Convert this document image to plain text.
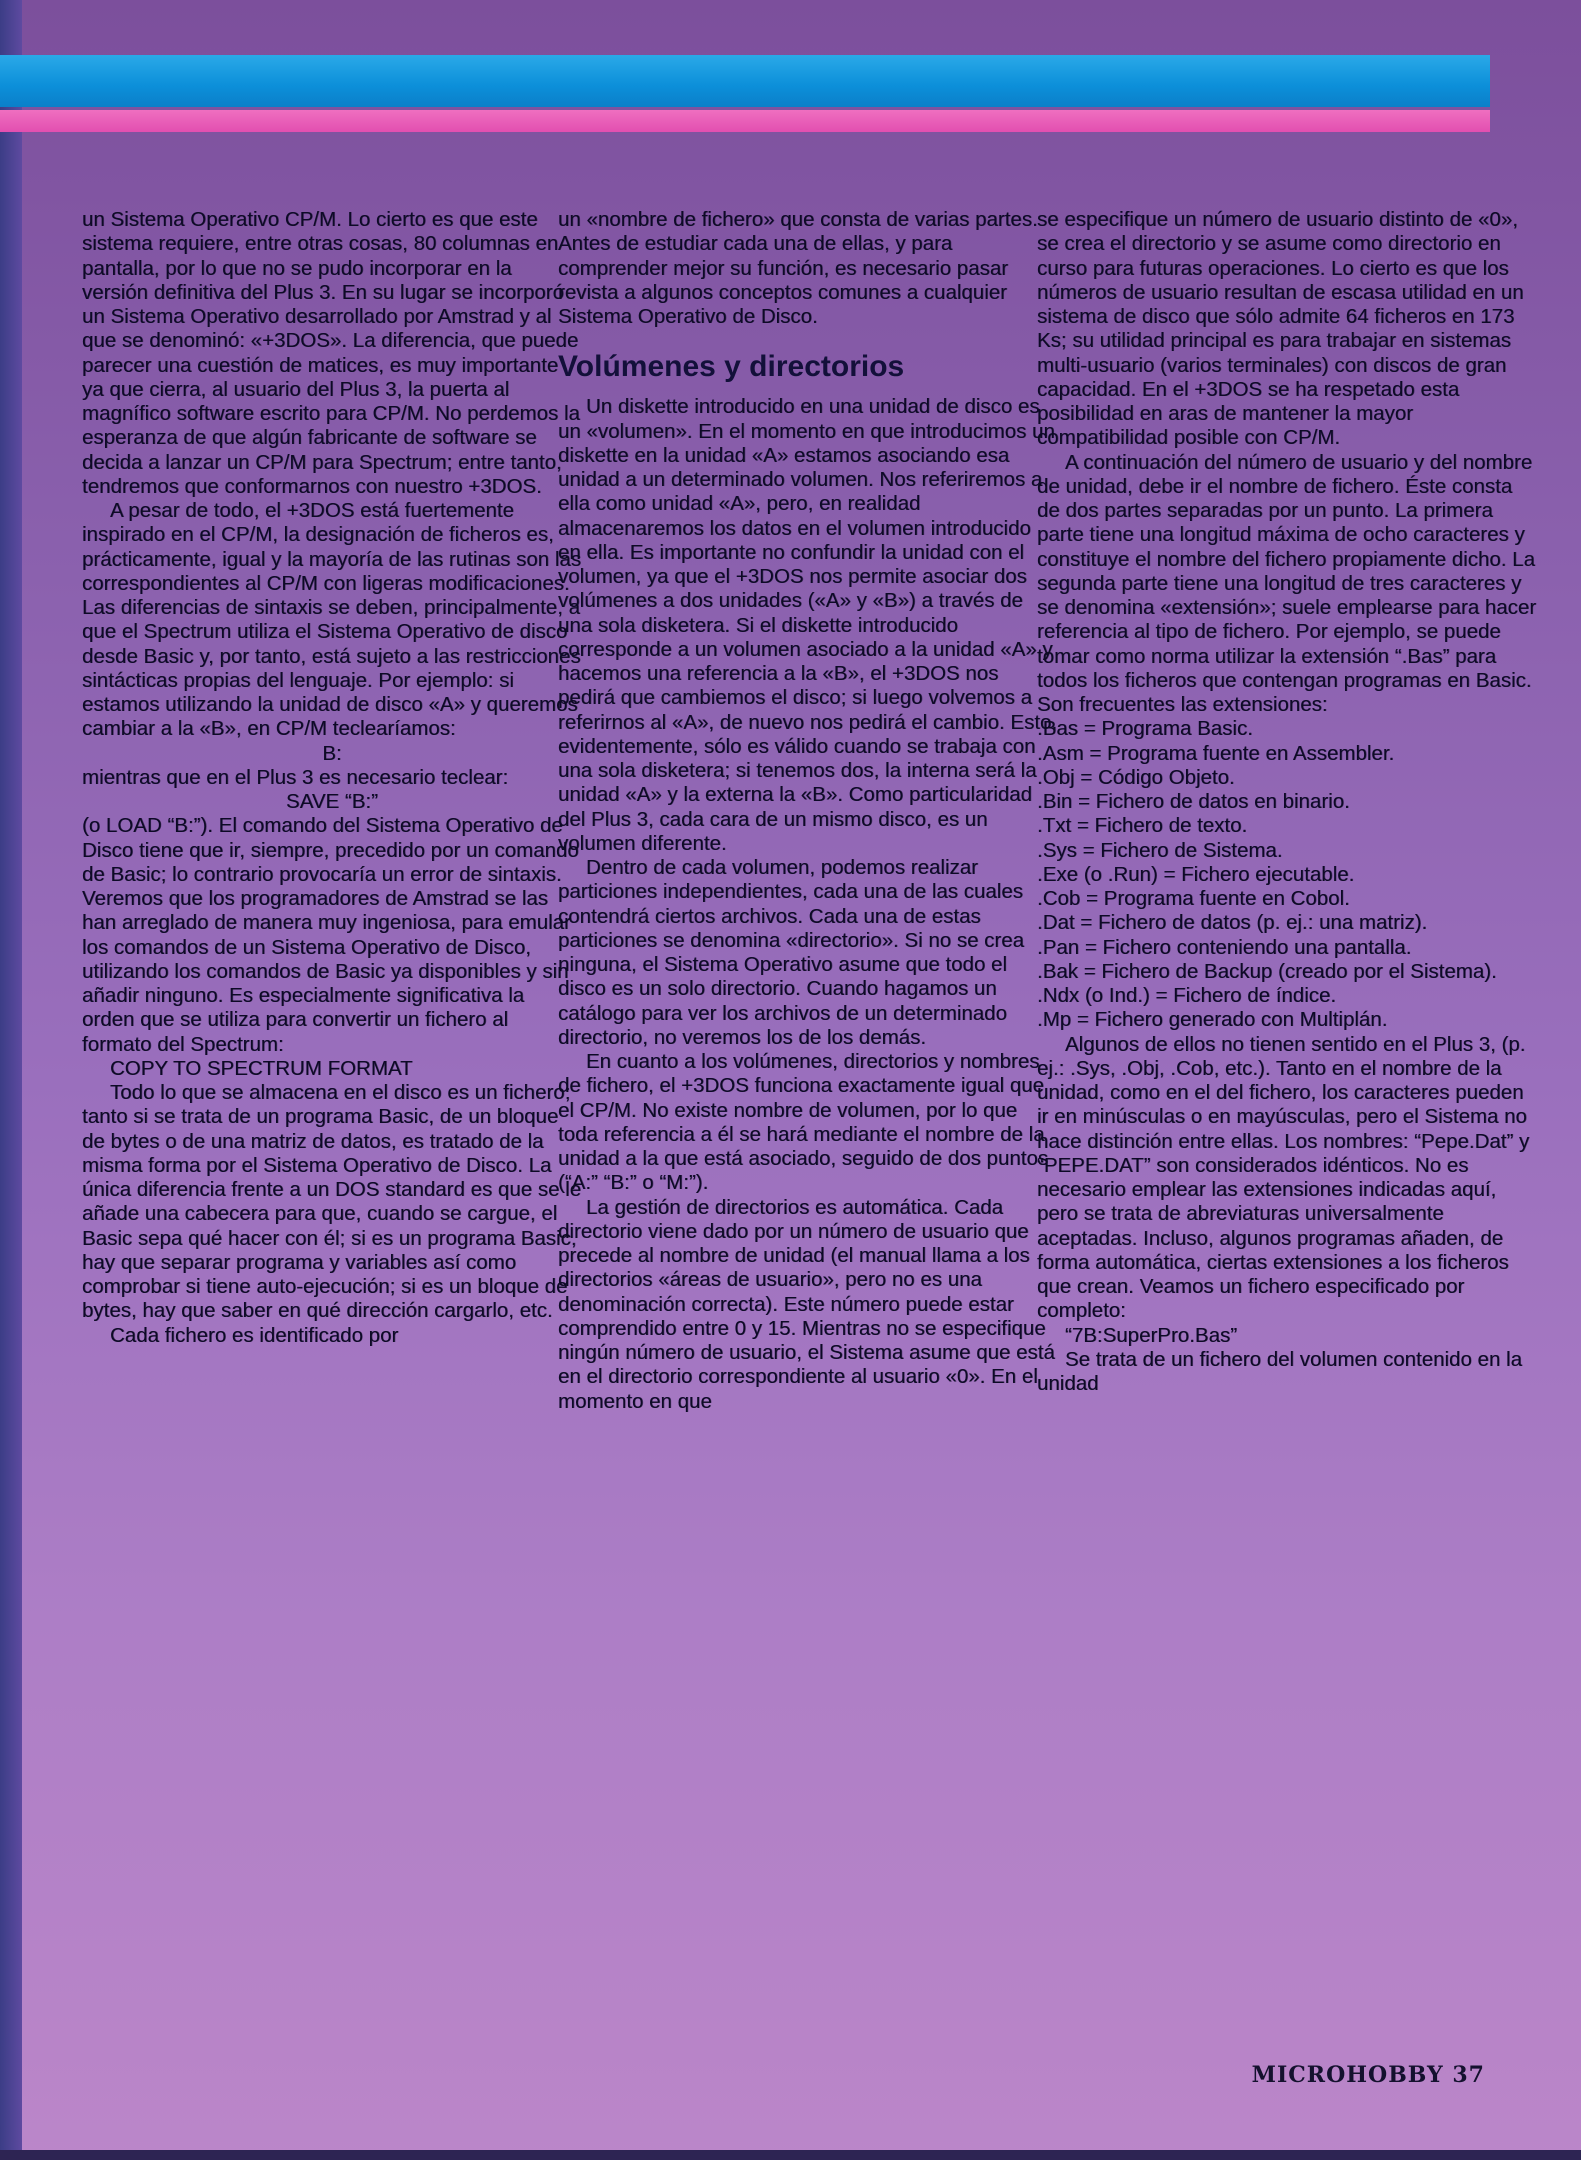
un Sistema Operativo CP/M. Lo cierto es que este sistema requiere, entre otras cosas, 80 columnas en pantalla, por lo que no se pudo incorporar en la versión definitiva del Plus 3. En su lugar se incorporó un Sistema Operativo desarrollado por Amstrad y al que se denominó: «+3DOS». La diferencia, que puede parecer una cuestión de matices, es muy importante ya que cierra, al usuario del Plus 3, la puerta al magnífico software escrito para CP/M. No perdemos la esperanza de que algún fabricante de software se decida a lanzar un CP/M para Spectrum; entre tanto, tendremos que conformarnos con nuestro +3DOS.

A pesar de todo, el +3DOS está fuertemente inspirado en el CP/M, la designación de ficheros es, prácticamente, igual y la mayoría de las rutinas son las correspondientes al CP/M con ligeras modificaciones. Las diferencias de sintaxis se deben, principalmente, a que el Spectrum utiliza el Sistema Operativo de disco desde Basic y, por tanto, está sujeto a las restricciones sintácticas propias del lenguaje. Por ejemplo: si estamos utilizando la unidad de disco «A» y queremos cambiar a la «B», en CP/M teclearíamos:

B:

mientras que en el Plus 3 es necesario teclear:

SAVE “B:”

(o LOAD “B:”). El comando del Sistema Operativo de Disco tiene que ir, siempre, precedido por un comando de Basic; lo contrario provocaría un error de sintaxis. Veremos que los programadores de Amstrad se las han arreglado de manera muy ingeniosa, para emular los comandos de un Sistema Operativo de Disco, utilizando los comandos de Basic ya disponibles y sin añadir ninguno. Es especialmente significativa la orden que se utiliza para convertir un fichero al formato del Spectrum:

COPY TO SPECTRUM FORMAT

Todo lo que se almacena en el disco es un fichero; tanto si se trata de un programa Basic, de un bloque de bytes o de una matriz de datos, es tratado de la misma forma por el Sistema Operativo de Disco. La única diferencia frente a un DOS standard es que se le añade una cabecera para que, cuando se cargue, el Basic sepa qué hacer con él; si es un programa Basic, hay que separar programa y variables así como comprobar si tiene auto-ejecución; si es un bloque de bytes, hay que saber en qué dirección cargarlo, etc.

Cada fichero es identificado por

un «nombre de fichero» que consta de varias partes. Antes de estudiar cada una de ellas, y para comprender mejor su función, es necesario pasar revista a algunos conceptos comunes a cualquier Sistema Operativo de Disco.

Volúmenes y directorios

Un diskette introducido en una unidad de disco es un «volumen». En el momento en que introducimos un diskette en la unidad «A» estamos asociando esa unidad a un determinado volumen. Nos referiremos a ella como unidad «A», pero, en realidad almacenaremos los datos en el volumen introducido en ella. Es importante no confundir la unidad con el volumen, ya que el +3DOS nos permite asociar dos volúmenes a dos unidades («A» y «B») a través de una sola disketera. Si el diskette introducido corresponde a un volumen asociado a la unidad «A» y hacemos una referencia a la «B», el +3DOS nos pedirá que cambiemos el disco; si luego volvemos a referirnos al «A», de nuevo nos pedirá el cambio. Esto, evidentemente, sólo es válido cuando se trabaja con una sola disketera; si tenemos dos, la interna será la unidad «A» y la externa la «B». Como particularidad del Plus 3, cada cara de un mismo disco, es un volumen diferente.

Dentro de cada volumen, podemos realizar particiones independientes, cada una de las cuales contendrá ciertos archivos. Cada una de estas particiones se denomina «directorio». Si no se crea ninguna, el Sistema Operativo asume que todo el disco es un solo directorio. Cuando hagamos un catálogo para ver los archivos de un determinado directorio, no veremos los de los demás.

En cuanto a los volúmenes, directorios y nombres de fichero, el +3DOS funciona exactamente igual que el CP/M. No existe nombre de volumen, por lo que toda referencia a él se hará mediante el nombre de la unidad a la que está asociado, seguido de dos puntos (“A:” “B:” o “M:”).

La gestión de directorios es automática. Cada directorio viene dado por un número de usuario que precede al nombre de unidad (el manual llama a los directorios «áreas de usuario», pero no es una denominación correcta). Este número puede estar comprendido entre 0 y 15. Mientras no se especifique ningún número de usuario, el Sistema asume que está en el directorio correspondiente al usuario «0». En el momento en que

se especifique un número de usuario distinto de «0», se crea el directorio y se asume como directorio en curso para futuras operaciones. Lo cierto es que los números de usuario resultan de escasa utilidad en un sistema de disco que sólo admite 64 ficheros en 173 Ks; su utilidad principal es para trabajar en sistemas multi-usuario (varios terminales) con discos de gran capacidad. En el +3DOS se ha respetado esta posibilidad en aras de mantener la mayor compatibilidad posible con CP/M.

A continuación del número de usuario y del nombre de unidad, debe ir el nombre de fichero. Éste consta de dos partes separadas por un punto. La primera parte tiene una longitud máxima de ocho caracteres y constituye el nombre del fichero propiamente dicho. La segunda parte tiene una longitud de tres caracteres y se denomina «extensión»; suele emplearse para hacer referencia al tipo de fichero. Por ejemplo, se puede tomar como norma utilizar la extensión “.Bas” para todos los ficheros que contengan programas en Basic. Son frecuentes las extensiones:

.Bas = Programa Basic.

.Asm = Programa fuente en Assembler.

.Obj = Código Objeto.

.Bin = Fichero de datos en binario.

.Txt = Fichero de texto.

.Sys = Fichero de Sistema.

.Exe (o .Run) = Fichero ejecutable.

.Cob = Programa fuente en Cobol.

.Dat = Fichero de datos (p. ej.: una matriz).

.Pan = Fichero conteniendo una pantalla.

.Bak = Fichero de Backup (creado por el Sistema).

.Ndx (o Ind.) = Fichero de índice.

.Mp = Fichero generado con Multiplán.

Algunos de ellos no tienen sentido en el Plus 3, (p. ej.: .Sys, .Obj, .Cob, etc.). Tanto en el nombre de la unidad, como en el del fichero, los caracteres pueden ir en minúsculas o en mayúsculas, pero el Sistema no hace distinción entre ellas. Los nombres: “Pepe.Dat” y “PEPE.DAT” son considerados idénticos. No es necesario emplear las extensiones indicadas aquí, pero se trata de abreviaturas universalmente aceptadas. Incluso, algunos programas añaden, de forma automática, ciertas extensiones a los ficheros que crean. Veamos un fichero especificado por completo:

“7B:SuperPro.Bas”

Se trata de un fichero del volumen contenido en la unidad

MICROHOBBY 37
